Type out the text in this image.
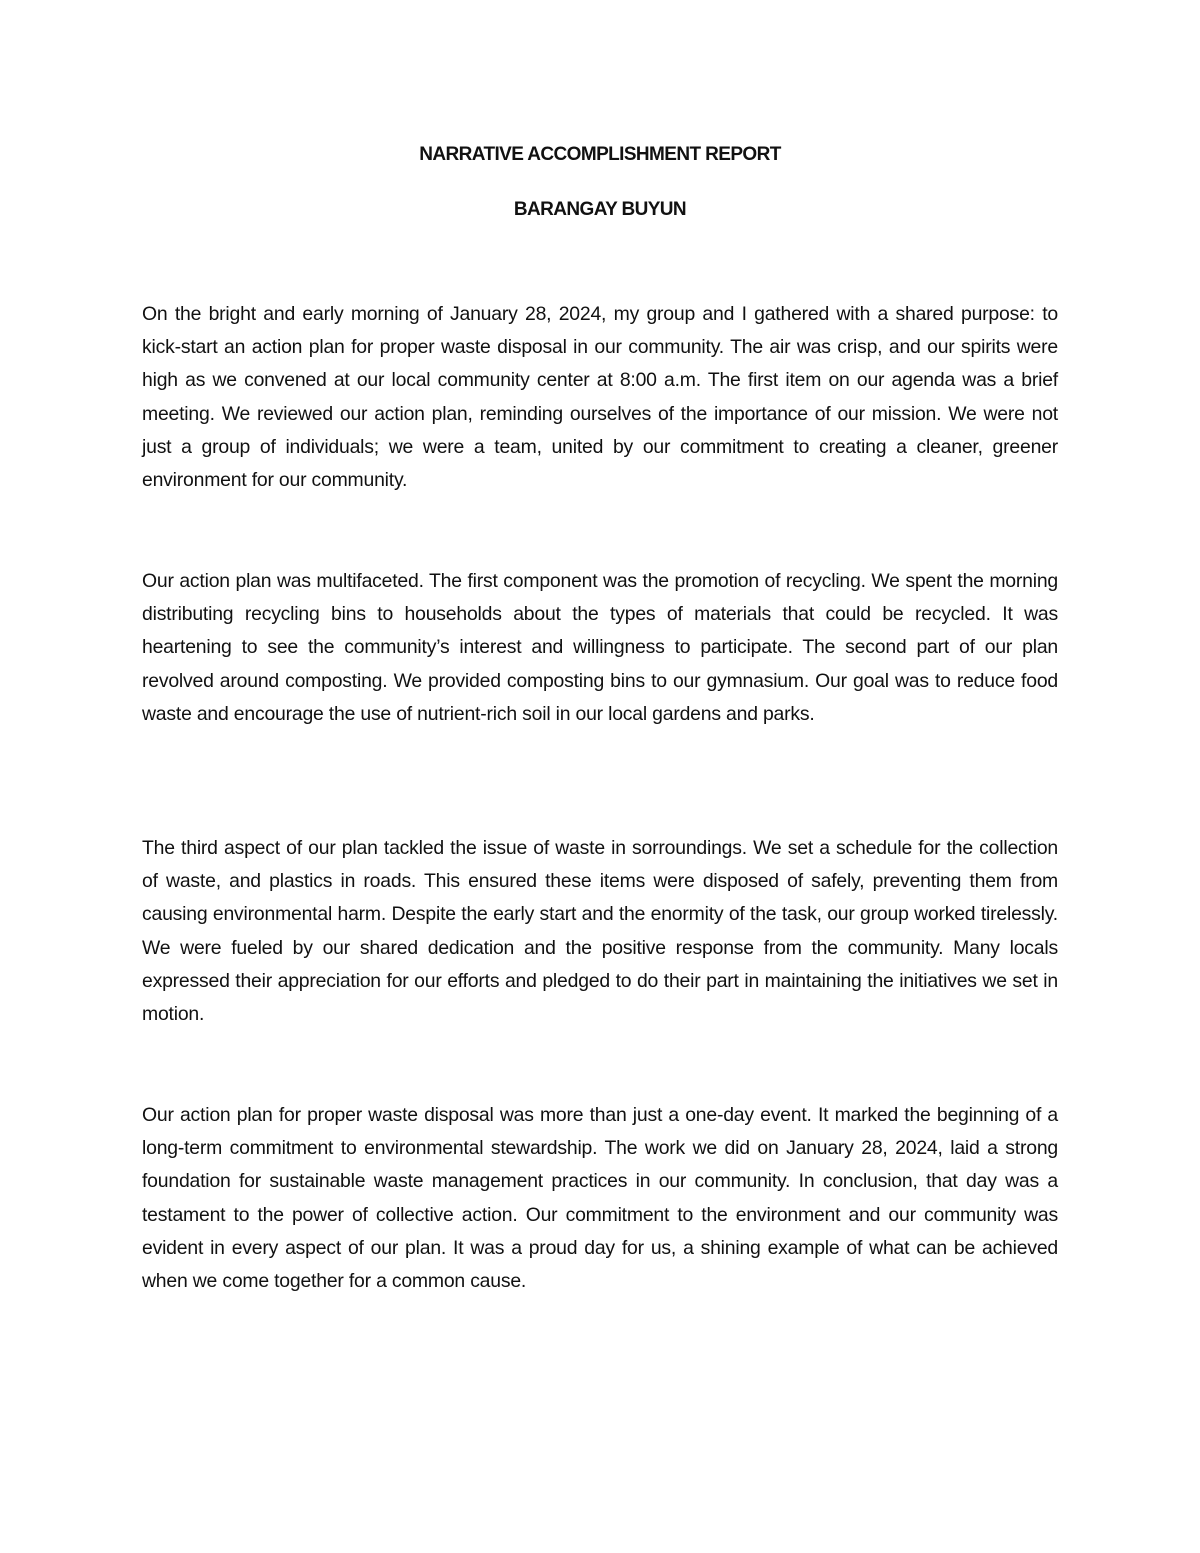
NARRATIVE ACCOMPLISHMENT REPORT
BARANGAY BUYUN

On the bright and early morning of January 28, 2024, my group and I gathered with a shared purpose: to kick-start an action plan for proper waste disposal in our community. The air was crisp, and our spirits were high as we convened at our local community center at 8:00 a.m. The first item on our agenda was a brief meeting. We reviewed our action plan, reminding ourselves of the importance of our mission. We were not just a group of individuals; we were a team, united by our commitment to creating a cleaner, greener environment for our community.

Our action plan was multifaceted. The first component was the promotion of recycling. We spent the morning distributing recycling bins to households about the types of materials that could be recycled. It was heartening to see the community’s interest and willingness to participate. The second part of our plan revolved around composting. We provided composting bins to our gymnasium. Our goal was to reduce food waste and encourage the use of nutrient-rich soil in our local gardens and parks.

The third aspect of our plan tackled the issue of waste in sorroundings. We set a schedule for the collection of waste, and plastics in roads. This ensured these items were disposed of safely, preventing them from causing environmental harm. Despite the early start and the enormity of the task, our group worked tirelessly. We were fueled by our shared dedication and the positive response from the community. Many locals expressed their appreciation for our efforts and pledged to do their part in maintaining the initiatives we set in motion.

Our action plan for proper waste disposal was more than just a one-day event. It marked the beginning of a long-term commitment to environmental stewardship. The work we did on January 28, 2024, laid a strong foundation for sustainable waste management practices in our community. In conclusion, that day was a testament to the power of collective action. Our commitment to the environment and our community was evident in every aspect of our plan. It was a proud day for us, a shining example of what can be achieved when we come together for a common cause.
